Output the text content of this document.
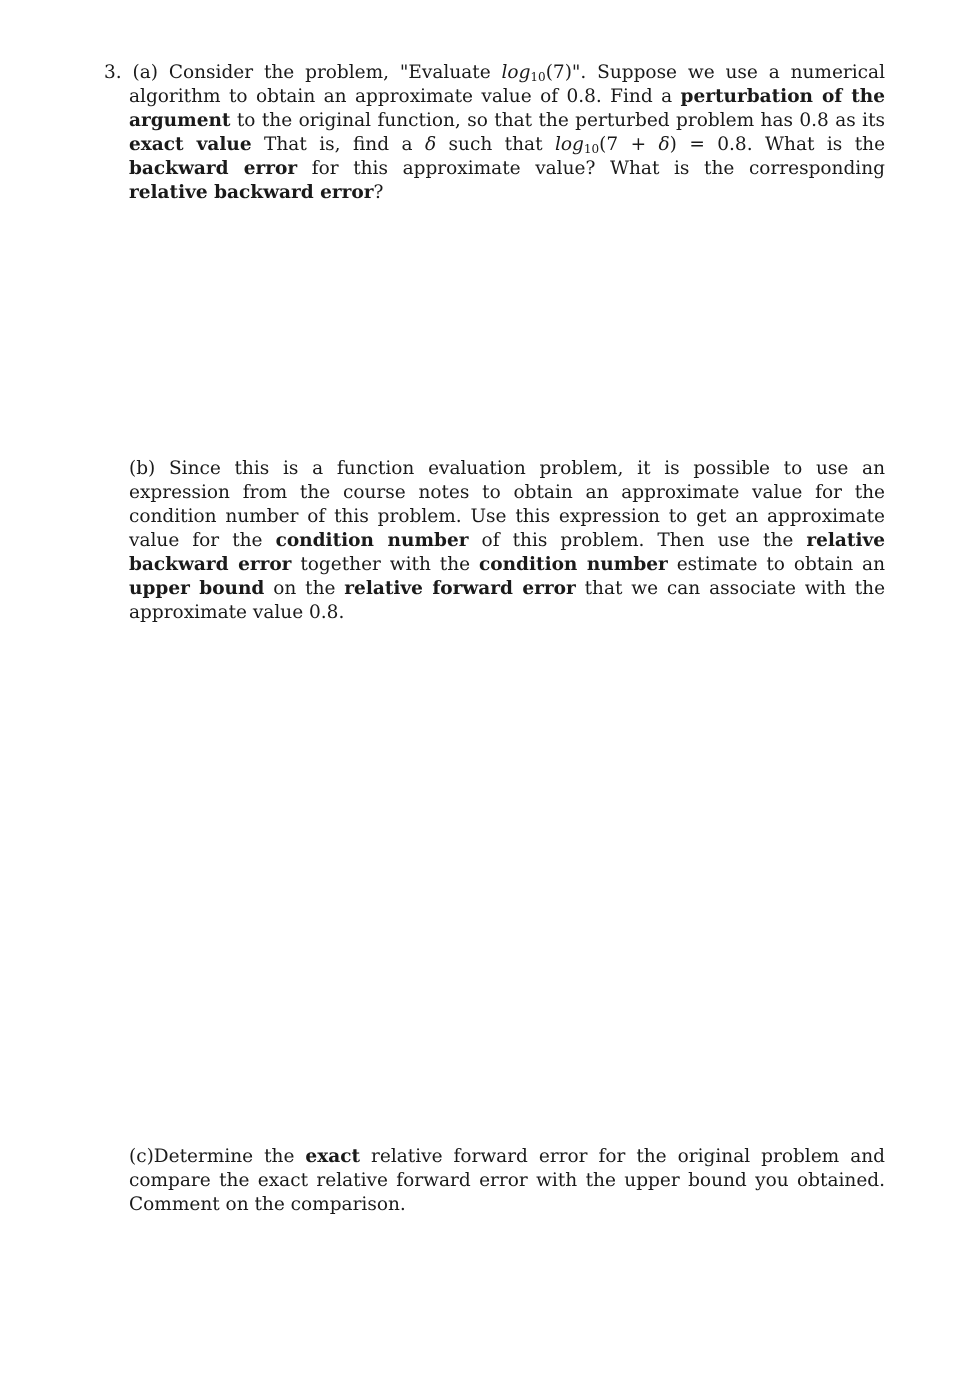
3. (a) Consider the problem, "Evaluate $\log_{10}(7)$". Suppose we use a numerical algorithm to obtain an approximate value of 0.8. Find a perturbation of the argument to the original function, so that the perturbed problem has 0.8 as its exact value That is, find a δ such that $\log_{10}(7 + \delta) = 0.8$. What is the backward error for this approximate value? What is the corresponding relative backward error?

(b) Since this is a function evaluation problem, it is possible to use an expression from the course notes to obtain an approximate value for the condition number of this problem. Use this expression to get an approximate value for the condition number of this problem. Then use the relative backward error together with the condition number estimate to obtain an upper bound on the relative forward error that we can associate with the approximate value 0.8.

(c)Determine the exact relative forward error for the original problem and compare the exact relative forward error with the upper bound you obtained. Comment on the comparison.
